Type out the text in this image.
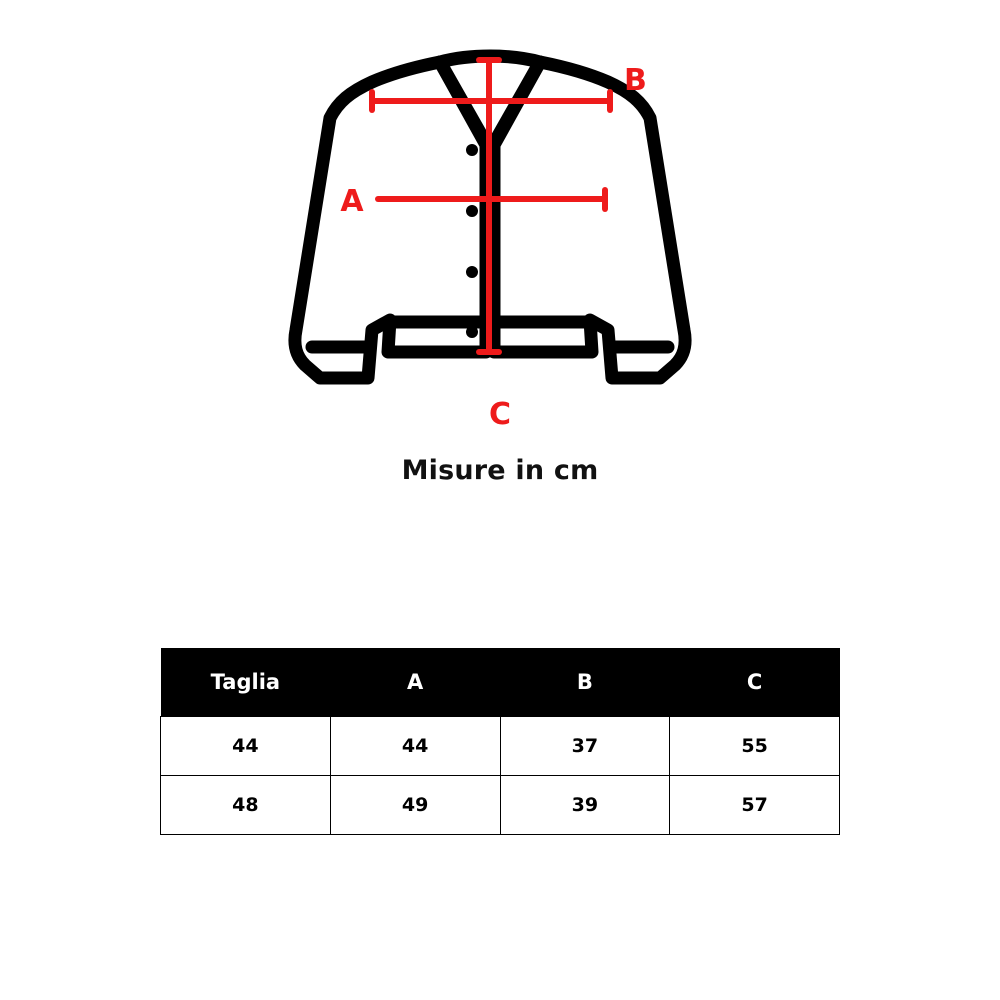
B
A
C
Misure in cm
Taglia	A	B	C
44	44	37	55
48	49	39	57
